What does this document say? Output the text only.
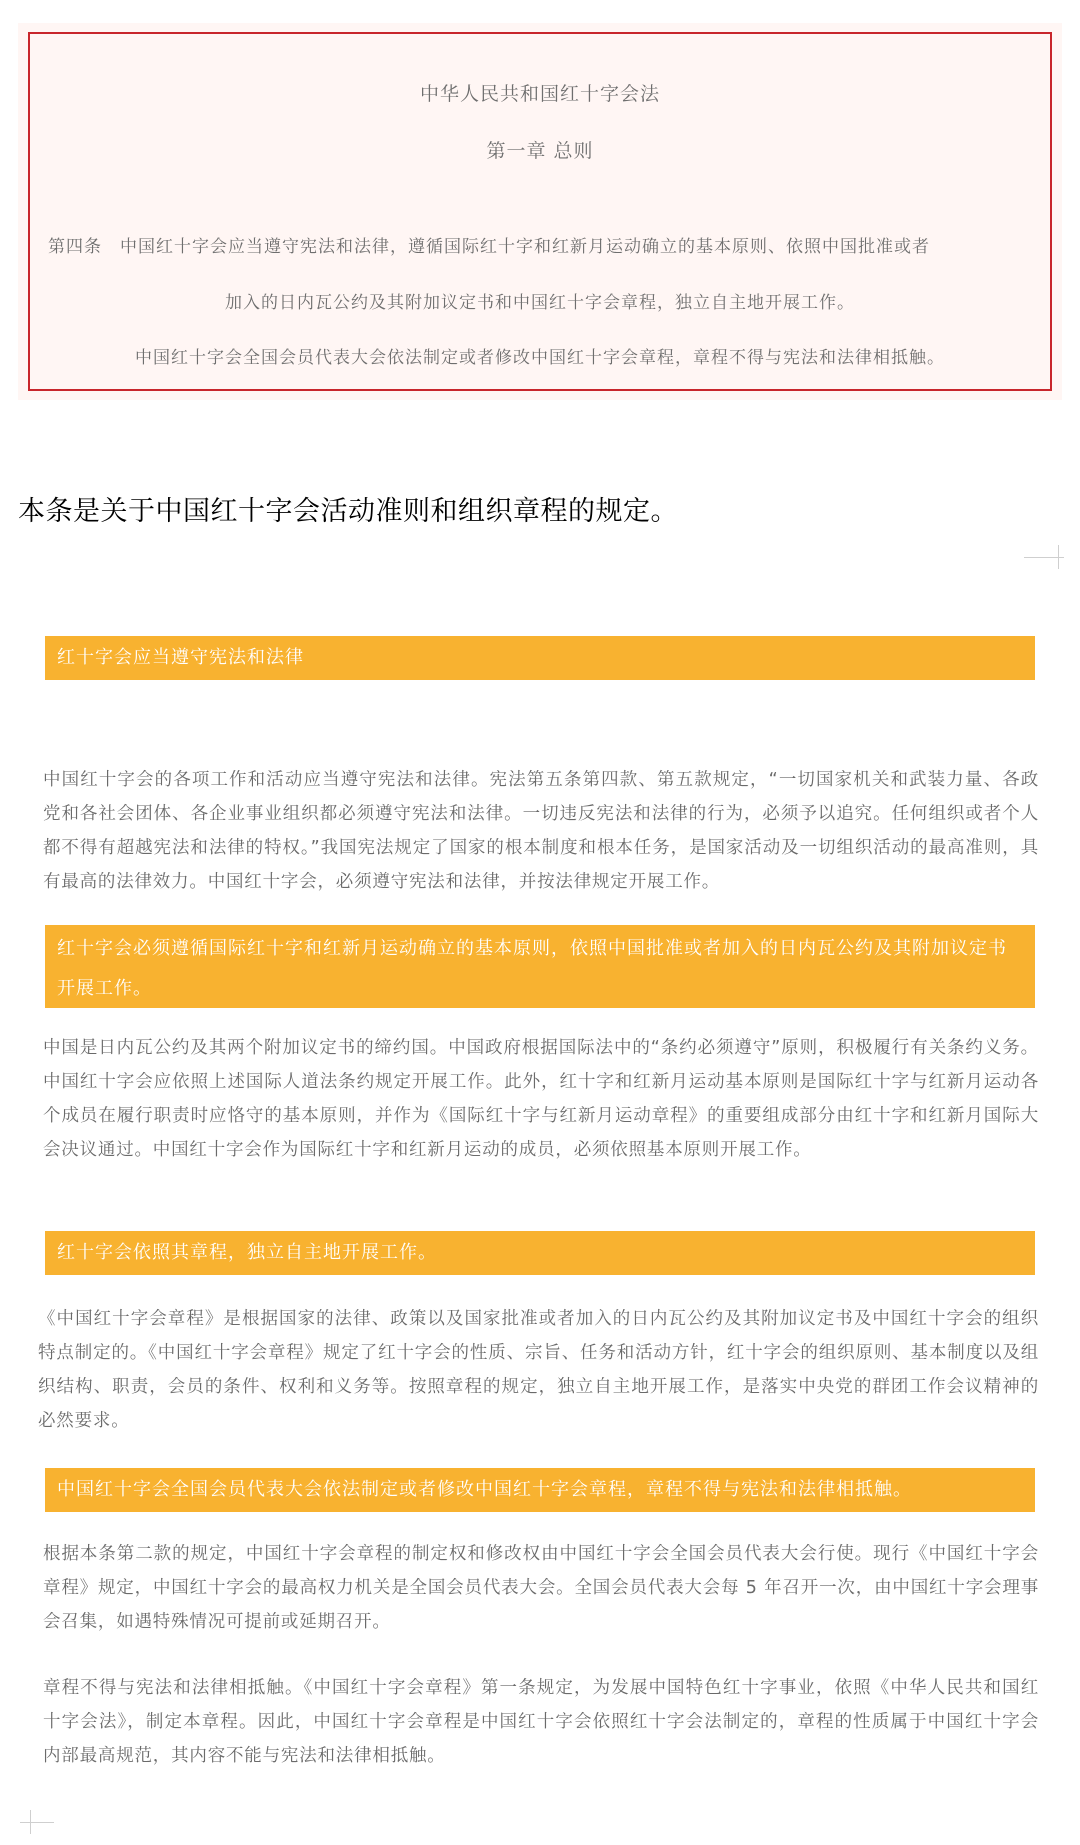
中华人民共和国红十字会法
第一章 总则
第四条　中国红十字会应当遵守宪法和法律，遵循国际红十字和红新月运动确立的基本原则、依照中国批准或者
加入的日内瓦公约及其附加议定书和中国红十字会章程，独立自主地开展工作。
中国红十字会全国会员代表大会依法制定或者修改中国红十字会章程，章程不得与宪法和法律相抵触。
本条是关于中国红十字会活动准则和组织章程的规定。
红十字会应当遵守宪法和法律
中国红十字会的各项工作和活动应当遵守宪法和法律。宪法第五条第四款、第五款规定，“一切国家机关和武装力量、各政党和各社会团体、各企业事业组织都必须遵守宪法和法律。一切违反宪法和法律的行为，必须予以追究。任何组织或者个人都不得有超越宪法和法律的特权。”我国宪法规定了国家的根本制度和根本任务，是国家活动及一切组织活动的最高准则，具有最高的法律效力。中国红十字会，必须遵守宪法和法律，并按法律规定开展工作。
红十字会必须遵循国际红十字和红新月运动确立的基本原则，依照中国批准或者加入的日内瓦公约及其附加议定书开展工作。
中国是日内瓦公约及其两个附加议定书的缔约国。中国政府根据国际法中的“条约必须遵守”原则，积极履行有关条约义务。中国红十字会应依照上述国际人道法条约规定开展工作。此外，红十字和红新月运动基本原则是国际红十字与红新月运动各个成员在履行职责时应恪守的基本原则，并作为《国际红十字与红新月运动章程》的重要组成部分由红十字和红新月国际大会决议通过。中国红十字会作为国际红十字和红新月运动的成员，必须依照基本原则开展工作。
红十字会依照其章程，独立自主地开展工作。
《中国红十字会章程》是根据国家的法律、政策以及国家批准或者加入的日内瓦公约及其附加议定书及中国红十字会的组织特点制定的。《中国红十字会章程》规定了红十字会的性质、宗旨、任务和活动方针，红十字会的组织原则、基本制度以及组织结构、职责，会员的条件、权利和义务等。按照章程的规定，独立自主地开展工作，是落实中央党的群团工作会议精神的必然要求。
中国红十字会全国会员代表大会依法制定或者修改中国红十字会章程，章程不得与宪法和法律相抵触。
根据本条第二款的规定，中国红十字会章程的制定权和修改权由中国红十字会全国会员代表大会行使。现行《中国红十字会章程》规定，中国红十字会的最高权力机关是全国会员代表大会。全国会员代表大会每 5 年召开一次，由中国红十字会理事会召集，如遇特殊情况可提前或延期召开。
章程不得与宪法和法律相抵触。《中国红十字会章程》第一条规定，为发展中国特色红十字事业，依照《中华人民共和国红十字会法》，制定本章程。因此，中国红十字会章程是中国红十字会依照红十字会法制定的，章程的性质属于中国红十字会内部最高规范，其内容不能与宪法和法律相抵触。
